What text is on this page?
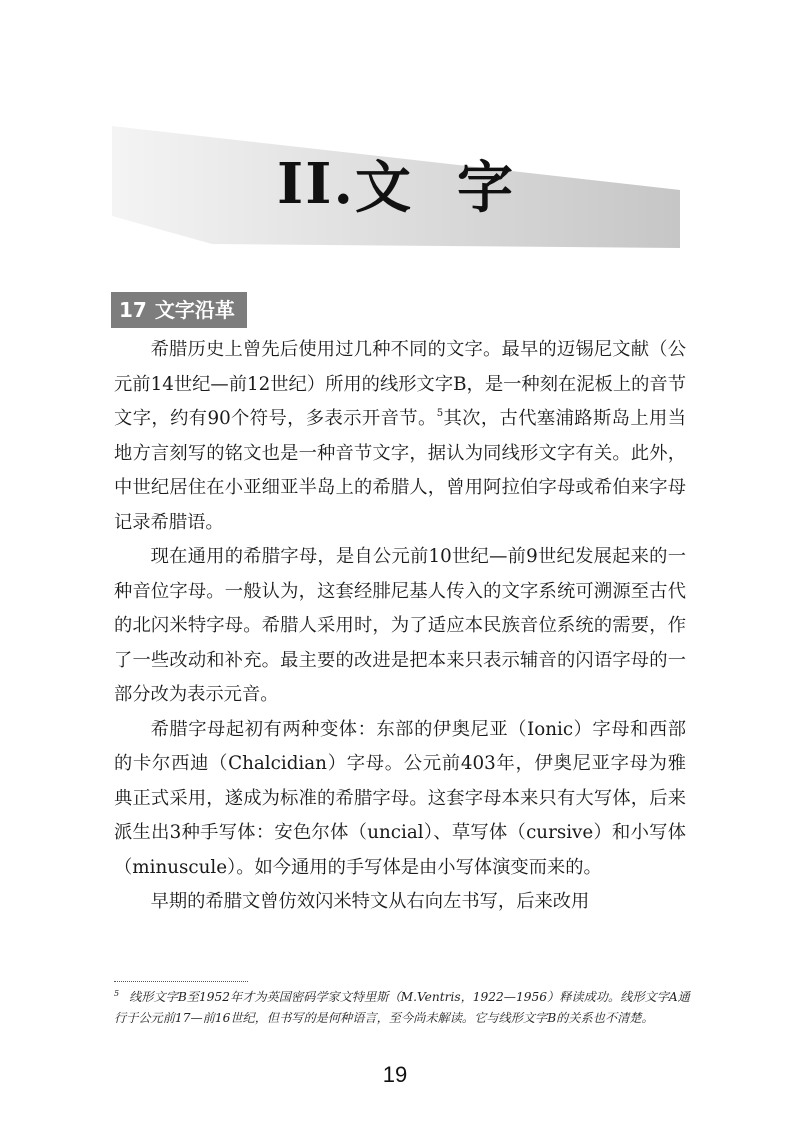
II. 文 字
17 文字沿革

希腊历史上曾先后使用过几种不同的文字。最早的迈锡尼文献（公元前14世纪—前12世纪）所用的线形文字B，是一种刻在泥板上的音节文字，约有90个符号，多表示开音节。$^5$其次，古代塞浦路斯岛上用当地方言刻写的铭文也是一种音节文字，据认为同线形文字有关。此外，中世纪居住在小亚细亚半岛上的希腊人，曾用阿拉伯字母或希伯来字母记录希腊语。

现在通用的希腊字母，是自公元前10世纪—前9世纪发展起来的一种音位字母。一般认为，这套经腓尼基人传入的文字系统可溯源至古代的北闪米特字母。希腊人采用时，为了适应本民族音位系统的需要，作了一些改动和补充。最主要的改进是把本来只表示辅音的闪语字母的一部分改为表示元音。

希腊字母起初有两种变体：东部的伊奥尼亚（Ionic）字母和西部的卡尔西迪（Chalcidian）字母。公元前403年，伊奥尼亚字母为雅典正式采用，遂成为标准的希腊字母。这套字母本来只有大写体，后来派生出3种手写体：安色尔体（uncial）、草写体（cursive）和小写体（minuscule）。如今通用的手写体是由小写体演变而来的。

早期的希腊文曾仿效闪米特文从右向左书写，后来改用

$^5$ 线形文字B至1952年才为英国密码学家文特里斯（M.Ventris，1922—1956）释读成功。线形文字A通行于公元前17—前16世纪，但书写的是何种语言，至今尚未解读。它与线形文字B的关系也不清楚。
19
